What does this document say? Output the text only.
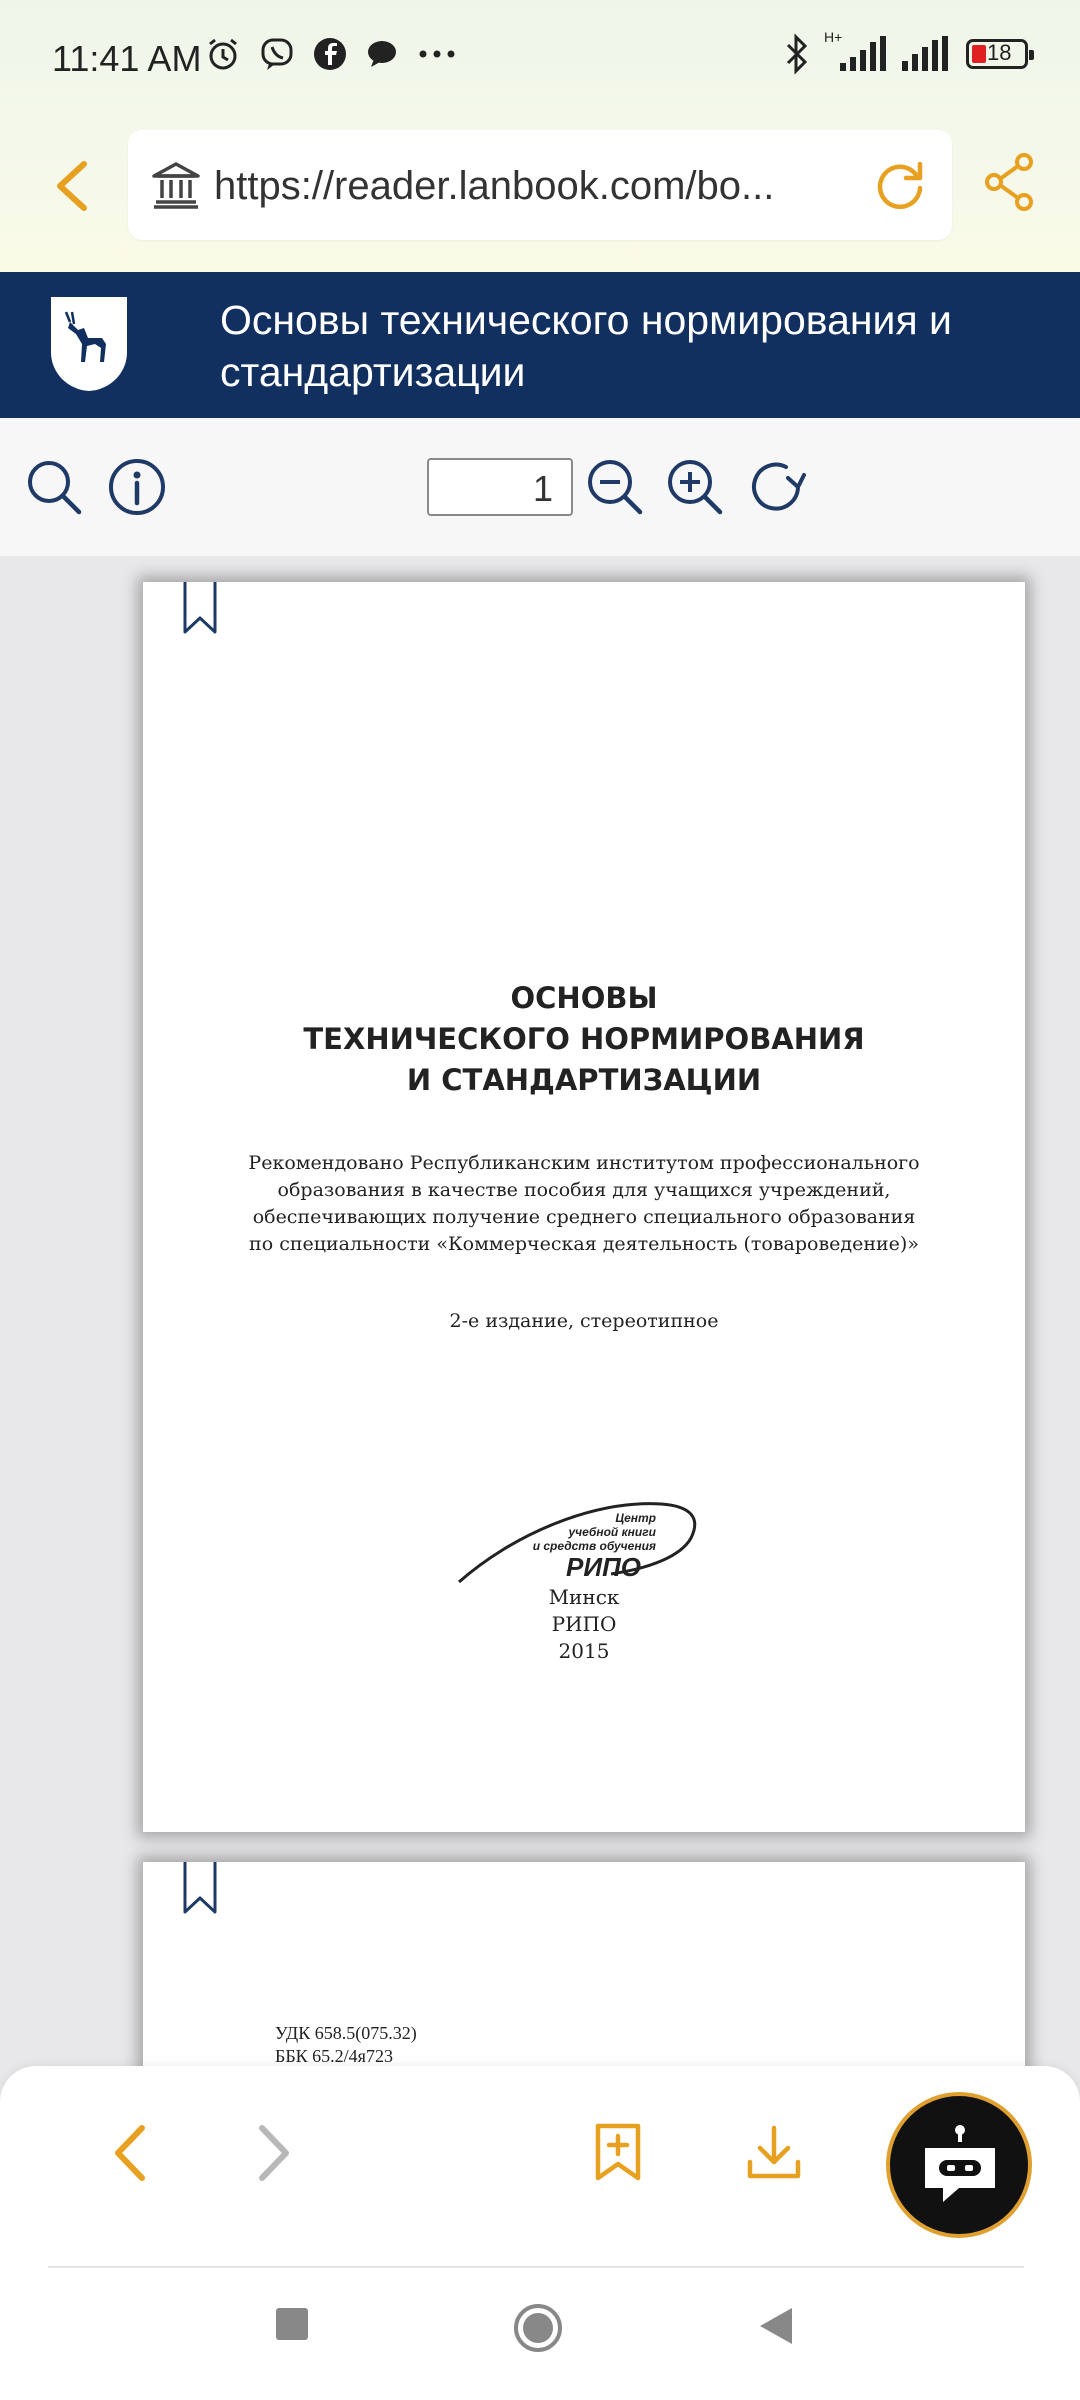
11:41 AM
H+
18
https://reader.lanbook.com/bo...
Основы технического нормирования и стандартизации
1
ОСНОВЫ
ТЕХНИЧЕСКОГО НОРМИРОВАНИЯ
И СТАНДАРТИЗАЦИИ
Рекомендовано Республиканским институтом профессионального
образования в качестве пособия для учащихся учреждений,
обеспечивающих получение среднего специального образования
по специальности «Коммерческая деятельность (товароведение)»
2-е издание, стереотипное
Центр
учебной книги
и средств обучения
РИПО
Минск
РИПО
2015
УДК 658.5(075.32)
ББК 65.2/4я723
